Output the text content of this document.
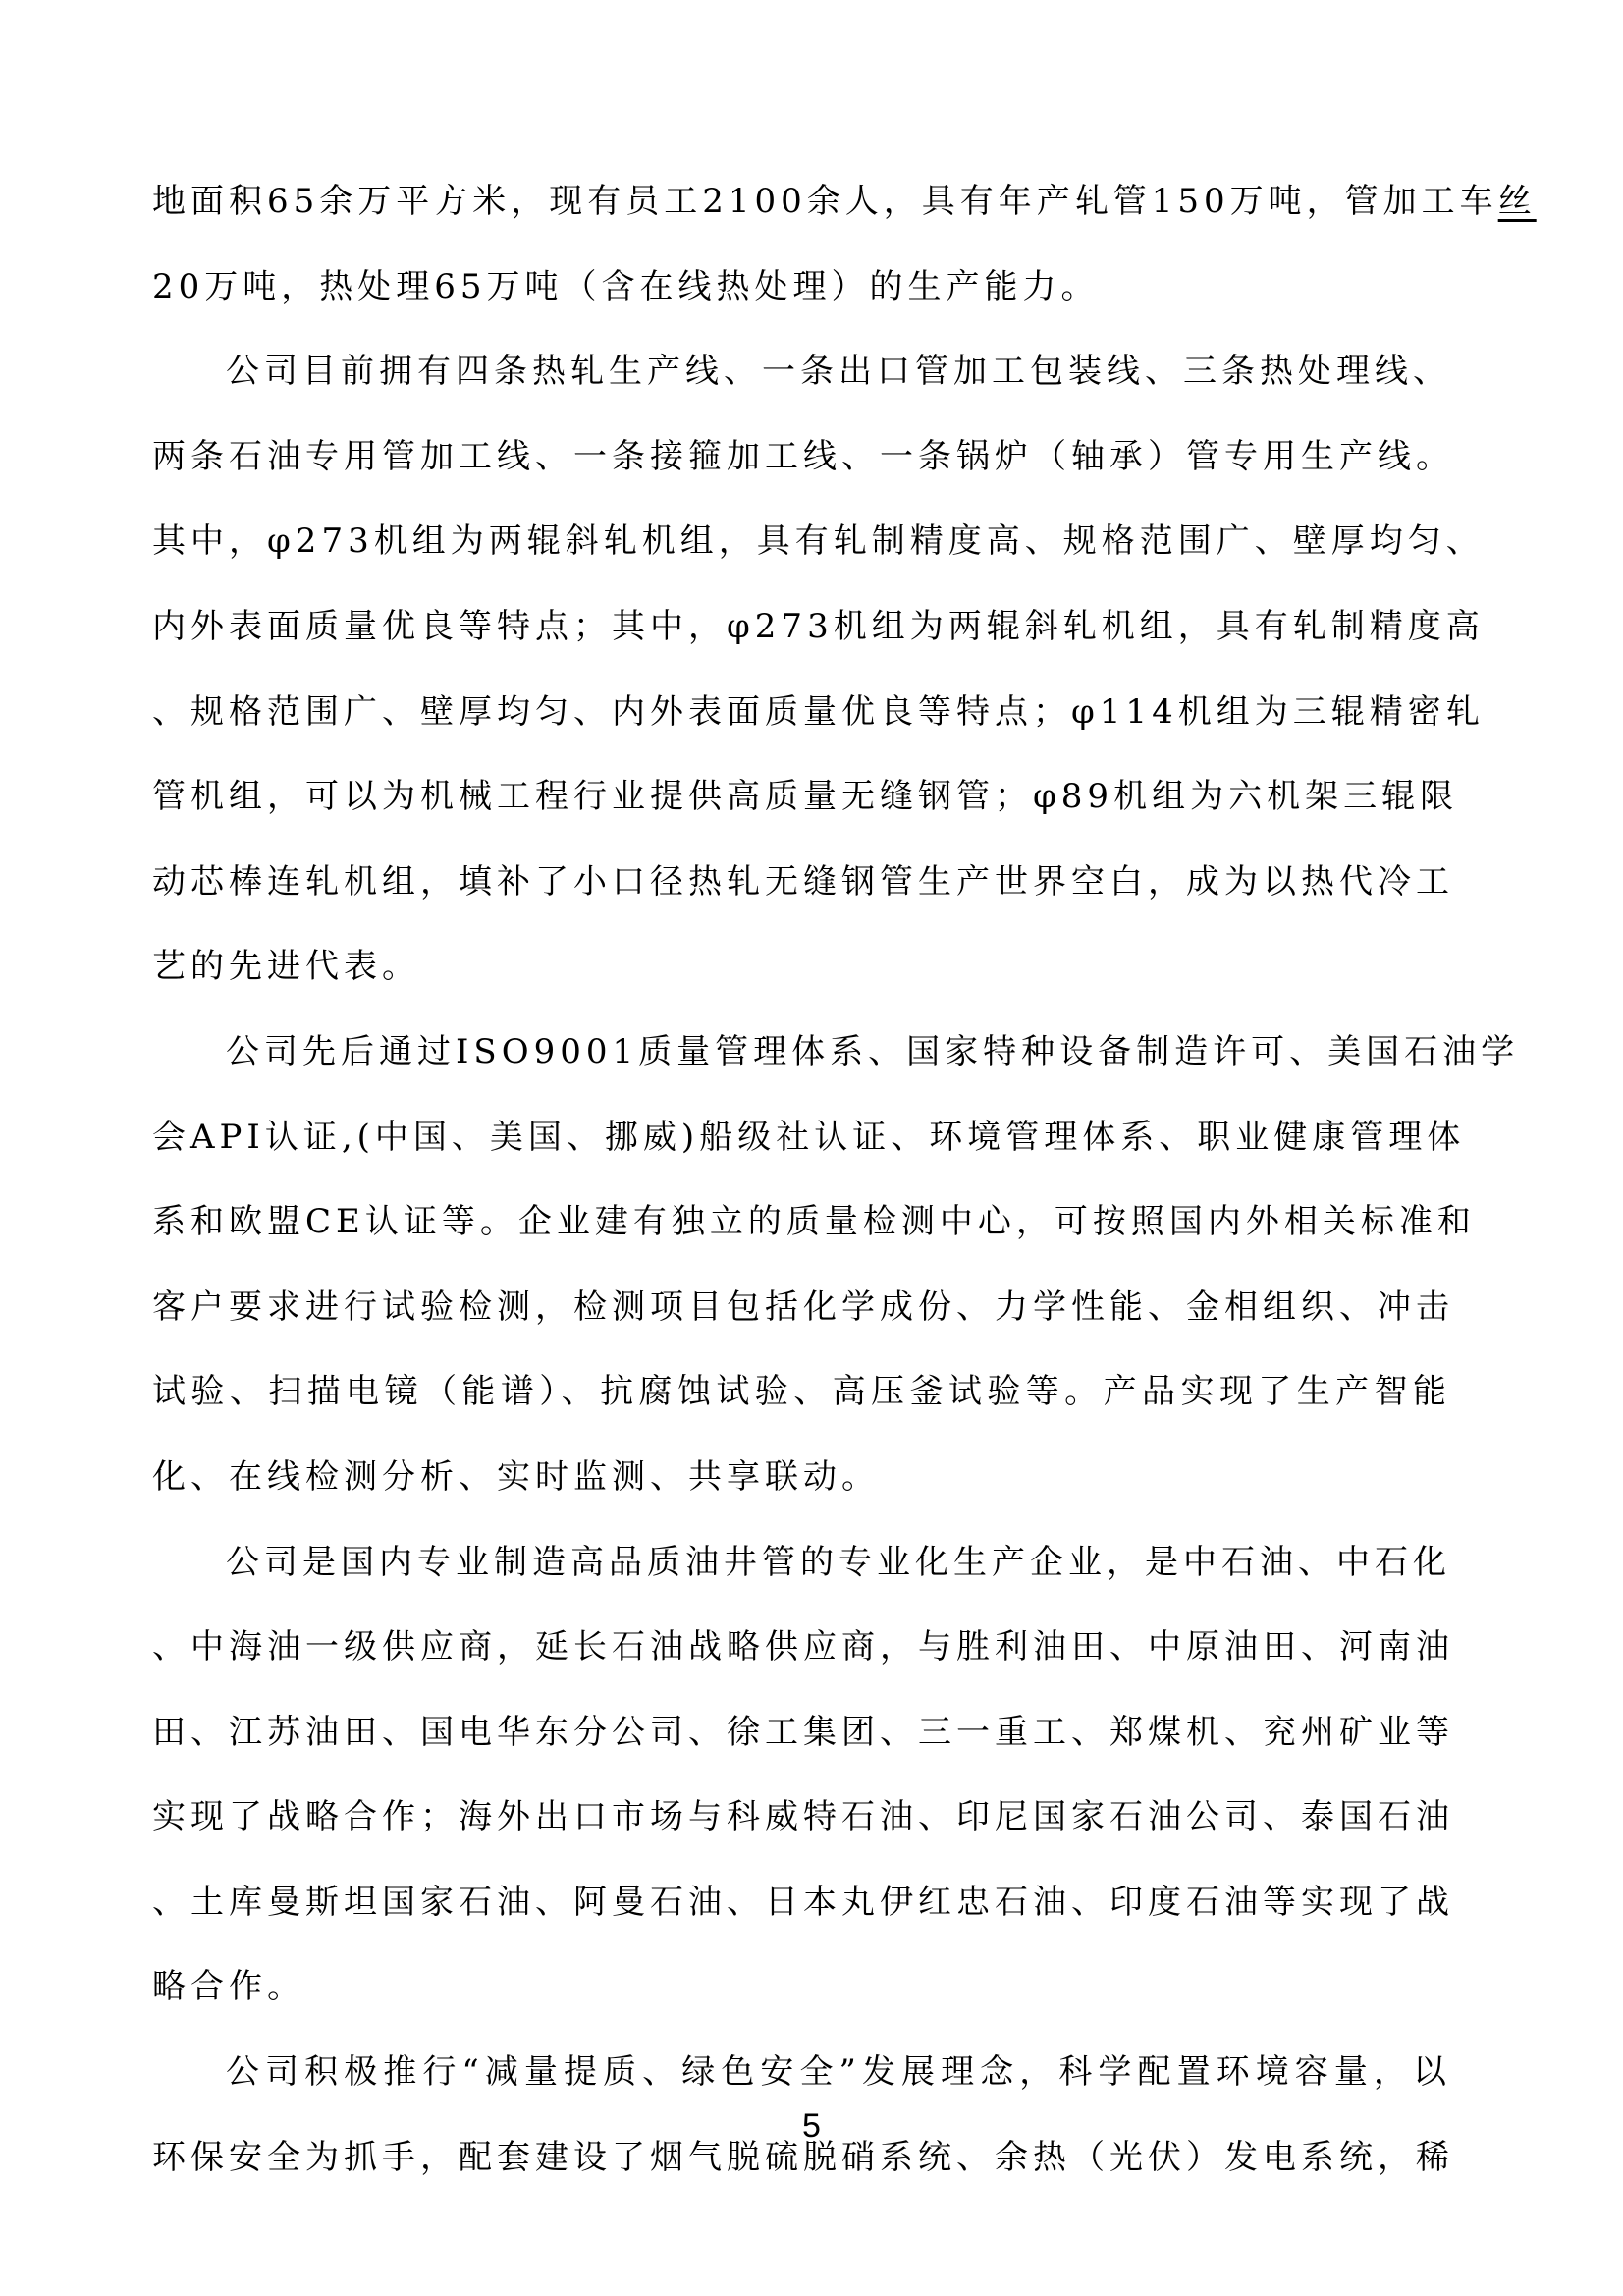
地面积65余万平方米，现有员工2100余人，具有年产轧管150万吨，管加工车丝
20万吨，热处理65万吨（含在线热处理）的生产能力。
公司目前拥有四条热轧生产线、一条出口管加工包装线、三条热处理线、
两条石油专用管加工线、一条接箍加工线、一条锅炉（轴承）管专用生产线。
其中，φ273机组为两辊斜轧机组，具有轧制精度高、规格范围广、壁厚均匀、
内外表面质量优良等特点；其中，φ273机组为两辊斜轧机组，具有轧制精度高
、规格范围广、壁厚均匀、内外表面质量优良等特点；φ114机组为三辊精密轧
管机组，可以为机械工程行业提供高质量无缝钢管；φ89机组为六机架三辊限
动芯棒连轧机组，填补了小口径热轧无缝钢管生产世界空白，成为以热代冷工
艺的先进代表。
公司先后通过ISO9001质量管理体系、国家特种设备制造许可、美国石油学
会API认证,(中国、美国、挪威)船级社认证、环境管理体系、职业健康管理体
系和欧盟CE认证等。企业建有独立的质量检测中心，可按照国内外相关标准和
客户要求进行试验检测，检测项目包括化学成份、力学性能、金相组织、冲击
试验、扫描电镜（能谱）、抗腐蚀试验、高压釜试验等。产品实现了生产智能
化、在线检测分析、实时监测、共享联动。
公司是国内专业制造高品质油井管的专业化生产企业，是中石油、中石化
、中海油一级供应商，延长石油战略供应商，与胜利油田、中原油田、河南油
田、江苏油田、国电华东分公司、徐工集团、三一重工、郑煤机、兖州矿业等
实现了战略合作；海外出口市场与科威特石油、印尼国家石油公司、泰国石油
、土库曼斯坦国家石油、阿曼石油、日本丸伊红忠石油、印度石油等实现了战
略合作。
公司积极推行“减量提质、绿色安全”发展理念，科学配置环境容量，以
环保安全为抓手，配套建设了烟气脱硫脱硝系统、余热（光伏）发电系统，稀
5
